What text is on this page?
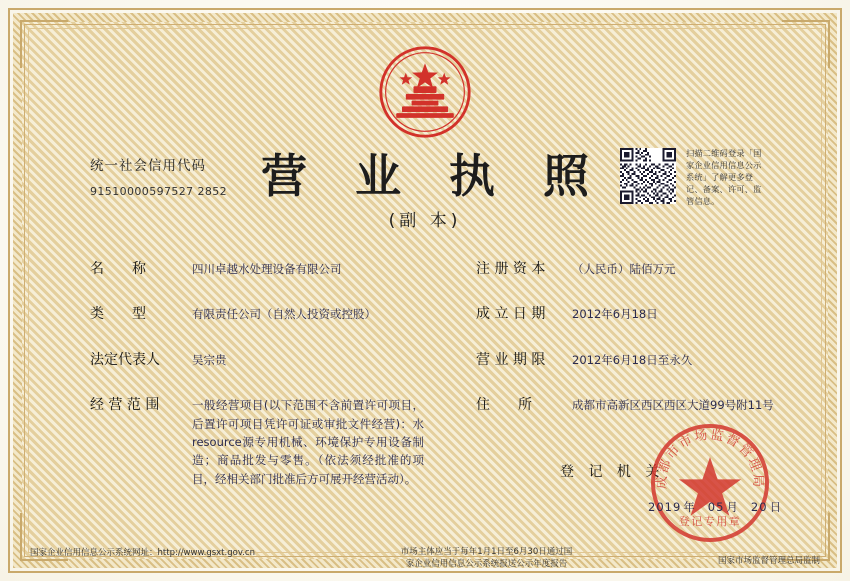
营 业 执 照
(副 本)
统一社会信用代码
91510000597527 2852
扫描二维码登录「国家企业信用信息公示系统」了解更多登记、备案、许可、监管信息。
名　　称	四川卓越水处理设备有限公司
类　　型	有限责任公司（自然人投资或控股）
法定代表人	吴宗贵
经 营 范 围	一般经营项目(以下范围不含前置许可项目，后置许可项目凭许可证或审批文件经营)：水resource源专用机械、环境保护专用设备制造；商品批发与零售。（依法须经批准的项目，经相关部门批准后方可展开经营活动）。
注 册 资 本	（人民币）陆佰万元
成 立 日 期	2012年6月18日
营 业 期 限	2012年6月18日至永久
住　　所	成都市高新区西区西区大道99号附11号
登 记 机 关
成都市市场监督管理局
登记专用章
2019 年 05 月 20 日
国家企业信用信息公示系统网址：http://www.gsxt.gov.cn	市场主体应当于每年1月1日至6月30日通过国
家企业信用信息公示系统报送公示年度报告	国家市场监督管理总局监制
